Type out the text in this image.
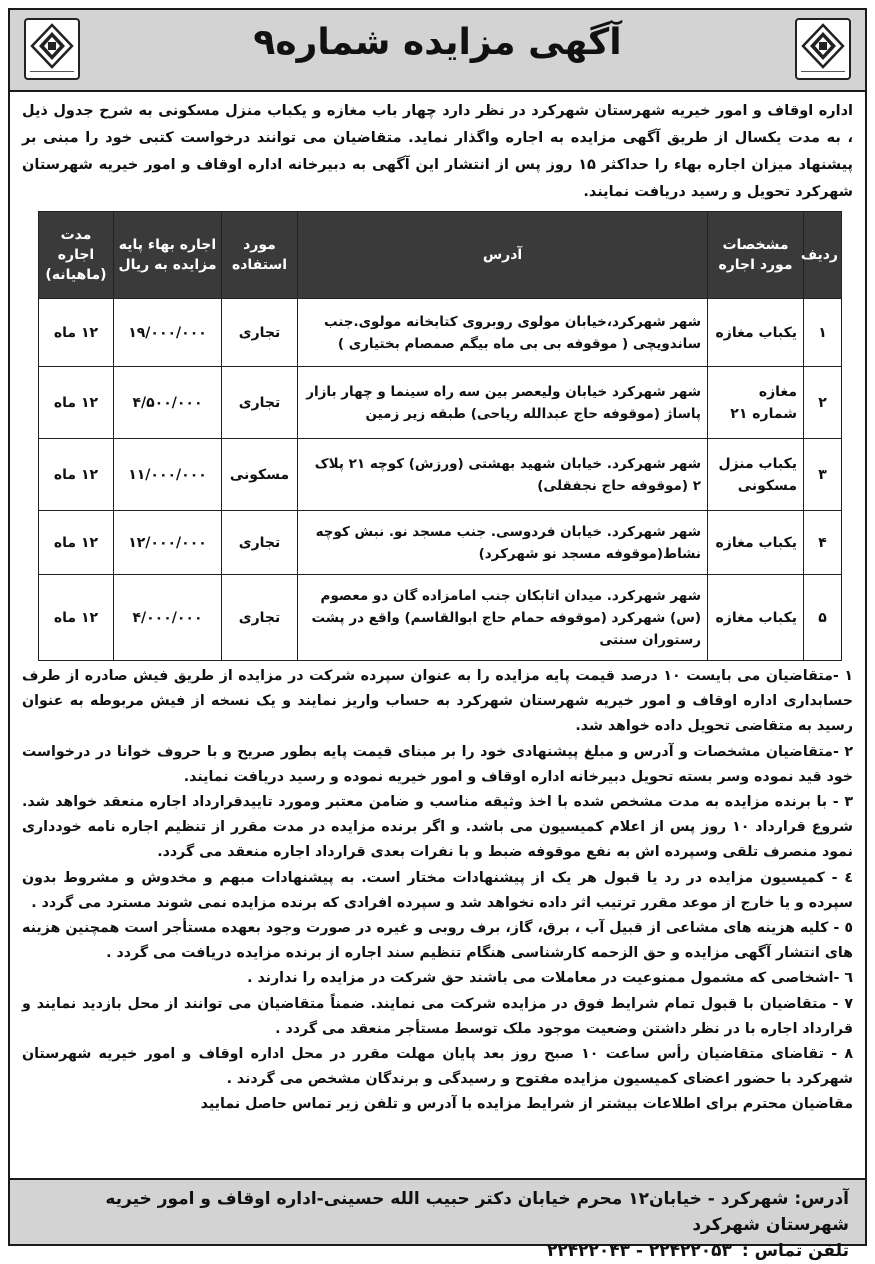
آگهی مزایده شماره۹
اداره اوقاف و امور خیریه شهرستان شهرکرد در نظر دارد چهار باب مغازه و یکباب منزل مسکونی به شرح جدول ذیل ، به مدت یکسال از طریق آگهی مزایده به اجاره واگذار نماید. متقاضیان می توانند درخواست کتبی خود را مبنی بر پیشنهاد میزان اجاره بهاء را حداکثر ۱۵ روز پس از انتشار این آگهی به دبیرخانه اداره اوقاف و امور خیریه شهرستان شهرکرد تحویل و رسید دریافت نمایند.
ردیف	مشخصات مورد اجاره	آدرس	مورد استفاده	اجاره بهاء پایه مزایده به ریال	مدت اجاره (ماهیانه)
۱	یکباب مغازه	شهر شهرکرد،خیابان مولوی روبروی کتابخانه مولوی.جنب ساندویچی ( موقوفه بی بی ماه بیگم صمصام بختیاری )	تجاری	۱۹/۰۰۰/۰۰۰	۱۲ ماه
۲	مغازه شماره ۲۱	شهر شهرکرد خیابان ولیعصر بین سه راه سینما و چهار بازار پاساژ (موقوفه حاج عبدالله ریاحی) طبقه زیر زمین	تجاری	۴/۵۰۰/۰۰۰	۱۲ ماه
۳	یکباب منزل مسکونی	شهر شهرکرد. خیابان شهید بهشتی (ورزش) کوچه ۲۱ پلاک ۲ (موقوفه حاج نجفقلی)	مسکونی	۱۱/۰۰۰/۰۰۰	۱۲ ماه
۴	یکباب مغازه	شهر شهرکرد. خیابان فردوسی. جنب مسجد نو. نبش کوچه نشاط(موقوفه مسجد نو شهرکرد)	تجاری	۱۲/۰۰۰/۰۰۰	۱۲ ماه
۵	یکباب مغازه	شهر شهرکرد. میدان اتابکان جنب امامزاده گان دو معصوم (س) شهرکرد (موقوفه حمام حاج ابوالقاسم) واقع در پشت رستوران سنتی	تجاری	۴/۰۰۰/۰۰۰	۱۲ ماه

۱ -متقاضیان می بایست ۱۰ درصد قیمت پایه مزایده را به عنوان سپرده شرکت در مزایده از طریق فیش صادره از طرف حسابداری اداره اوقاف و امور خیریه شهرستان شهرکرد به حساب واریز نمایند و یک نسخه از فیش مربوطه به عنوان رسید به متقاضی تحویل داده خواهد شد.

۲ -متقاضیان مشخصات و آدرس و مبلغ پیشنهادی خود را بر مبنای قیمت پایه بطور صریح و با حروف خوانا در درخواست خود قید نموده وسر بسته تحویل دبیرخانه اداره اوقاف و امور خیریه نموده و رسید دریافت نمایند.

۳ - با برنده مزایده به مدت مشخص شده با اخذ وثیقه مناسب و ضامن معتبر ومورد تاییدقرارداد اجاره منعقد خواهد شد. شروع قرارداد ۱۰ روز پس از اعلام کمیسیون می باشد. و اگر برنده مزایده در مدت مقرر از تنظیم اجاره نامه خودداری نمود منصرف تلقی وسپرده اش به نفع موقوفه ضبط و با نفرات بعدی قرارداد اجاره منعقد می گردد.

٤ - کمیسیون مزایده در رد یا قبول هر یک از پیشنهادات مختار است. به پیشنهادات مبهم و مخدوش و مشروط بدون سپرده و یا خارج از موعد مقرر ترتیب اثر داده نخواهد شد و سپرده افرادی که برنده مزایده نمی شوند مسترد می گردد .

٥ - کلیه هزینه های مشاعی از قبیل آب ، برق، گاز، برف روبی و غیره در صورت وجود بعهده مستأجر است همچنین هزینه های انتشار آگهی مزایده و حق الزحمه کارشناسی هنگام تنظیم سند اجاره از برنده مزایده دریافت می گردد .

٦ -اشخاصی که مشمول ممنوعیت در معاملات می باشند حق شرکت در مزایده را ندارند .

۷ - متقاضیان با قبول تمام شرایط فوق در مزایده شرکت می نمایند. ضمناً متقاضیان می توانند از محل بازدید نمایند و قرارداد اجاره با در نظر داشتن وضعیت موجود ملک توسط مستأجر منعقد می گردد .

۸ - تقاضای متقاضیان رأس ساعت ۱۰ صبح روز بعد پایان مهلت مقرر در محل اداره اوقاف و امور خیریه شهرستان شهرکرد با حضور اعضای کمیسیون مزایده مفتوح و رسیدگی و برندگان مشخص می گردند .

مقاضیان محترم برای اطلاعات بیشتر از شرایط مزایده با آدرس و تلفن زیر تماس حاصل نمایید

آدرس: شهرکرد - خیابان۱۲ محرم خیابان دکتر حبیب الله حسینی-اداره اوقاف و امور خیریه شهرستان شهرکرد
تلفن تماس :
۲۲۴۲۲۰۵۳ - ۲۲۴۲۲۰۴۳
